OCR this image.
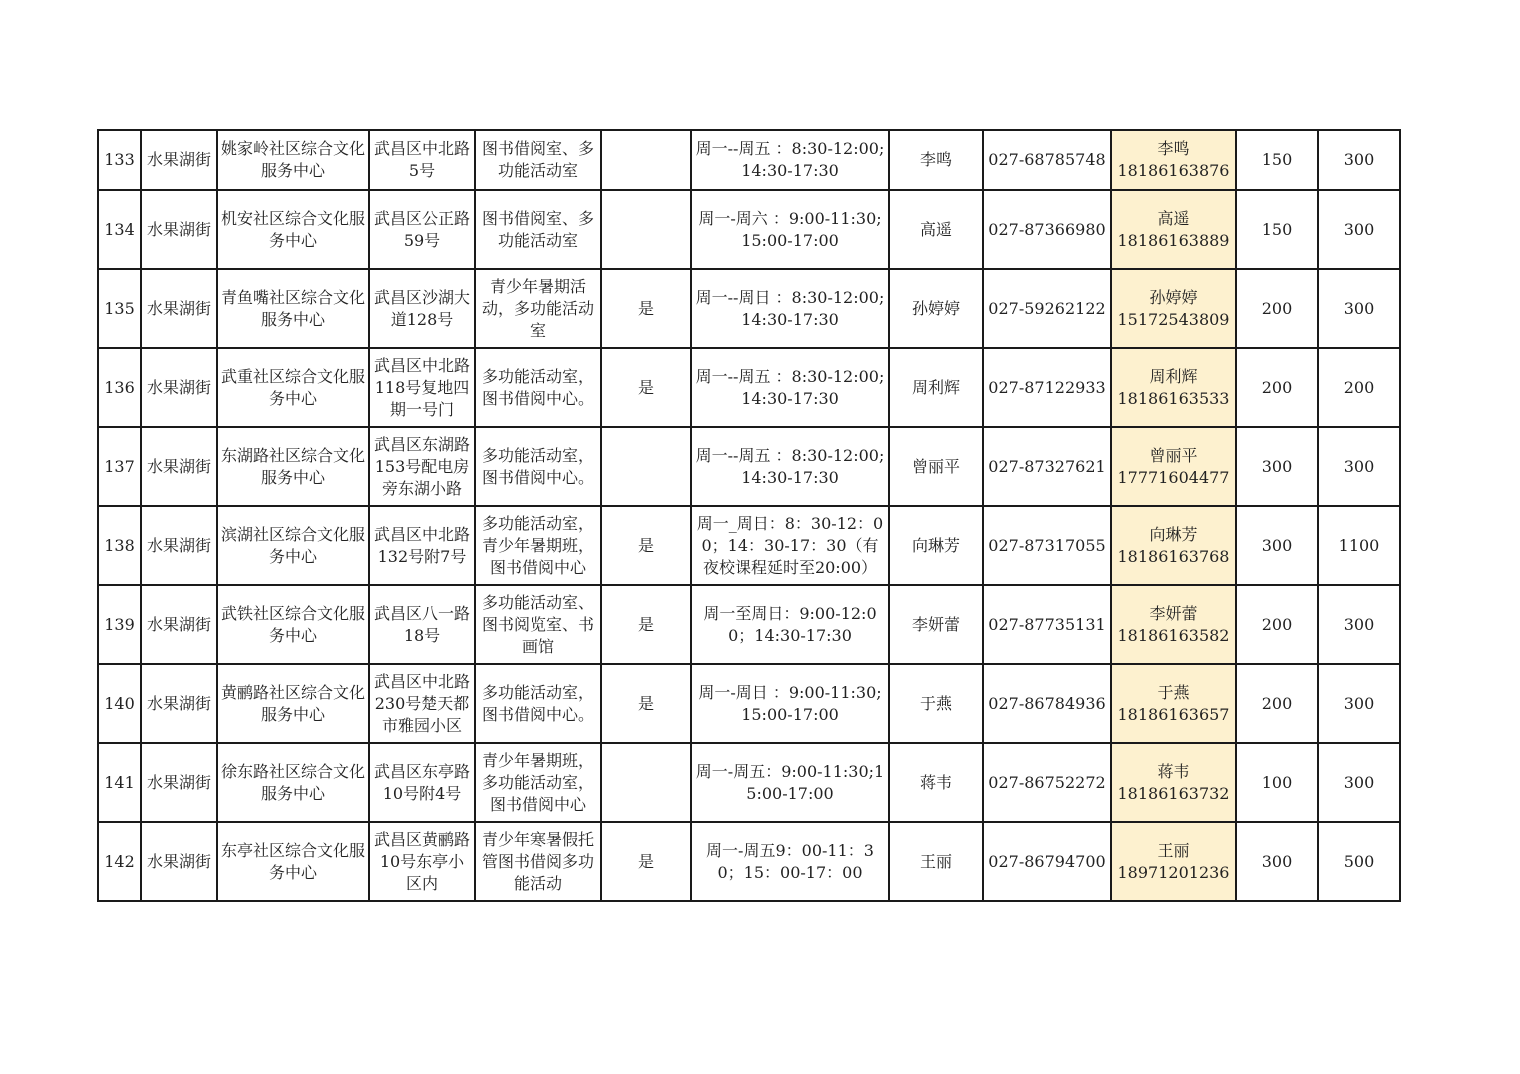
133	水果湖街	姚家岭社区综合文化服务中心	武昌区中北路5号	图书借阅室、多功能活动室		周一--周五 ：8:30-12:00;14:30-17:30	李鸣	027-68785748	李鸣
18186163876	150	300

134	水果湖街	机安社区综合文化服务中心	武昌区公正路59号	图书借阅室、多功能活动室		周一-周六 ：9:00-11:30;15:00-17:00	高遥	027-87366980	高遥
18186163889	150	300

135	水果湖街	青鱼嘴社区综合文化服务中心	武昌区沙湖大道128号	青少年暑期活动，多功能活动室	是	周一--周日 ：8:30-12:00;14:30-17:30	孙婷婷	027-59262122	孙婷婷
15172543809	200	300

136	水果湖街	武重社区综合文化服务中心	武昌区中北路118号复地四期一号门	多功能活动室，图书借阅中心。	是	周一--周五 ：8:30-12:00;14:30-17:30	周利辉	027-87122933	周利辉
18186163533	200	200

137	水果湖街	东湖路社区综合文化服务中心	武昌区东湖路153号配电房旁东湖小路	多功能活动室，图书借阅中心。		周一--周五 ：8:30-12:00;14:30-17:30	曾丽平	027-87327621	曾丽平
17771604477	300	300

138	水果湖街	滨湖社区综合文化服务中心	武昌区中北路132号附7号	多功能活动室，青少年暑期班，图书借阅中心	是	周一_周日：8：30-12：00；14：30-17：30（有夜校课程延时至20:00）	向琳芳	027-87317055	向琳芳
18186163768	300	1100

139	水果湖街	武铁社区综合文化服务中心	武昌区八一路18号	多功能活动室、图书阅览室、书画馆	是	周一至周日：9:00-12:00；14:30-17:30	李妍蕾	027-87735131	李妍蕾
18186163582	200	300

140	水果湖街	黄鹂路社区综合文化服务中心	武昌区中北路230号楚天都市雅园小区	多功能活动室，图书借阅中心。	是	周一-周日 ：9:00-11:30;15:00-17:00	于燕	027-86784936	于燕
18186163657	200	300

141	水果湖街	徐东路社区综合文化服务中心	武昌区东亭路10号附4号	青少年暑期班，多功能活动室，图书借阅中心		周一-周五：9:00-11:30;15:00-17:00	蒋韦	027-86752272	蒋韦
18186163732	100	300

142	水果湖街	东亭社区综合文化服务中心	武昌区黄鹂路10号东亭小区内	青少年寒暑假托管图书借阅多功能活动	是	周一-周五9：00-11：30；15：00-17：00	王丽	027-86794700	王丽
18971201236	300	500
